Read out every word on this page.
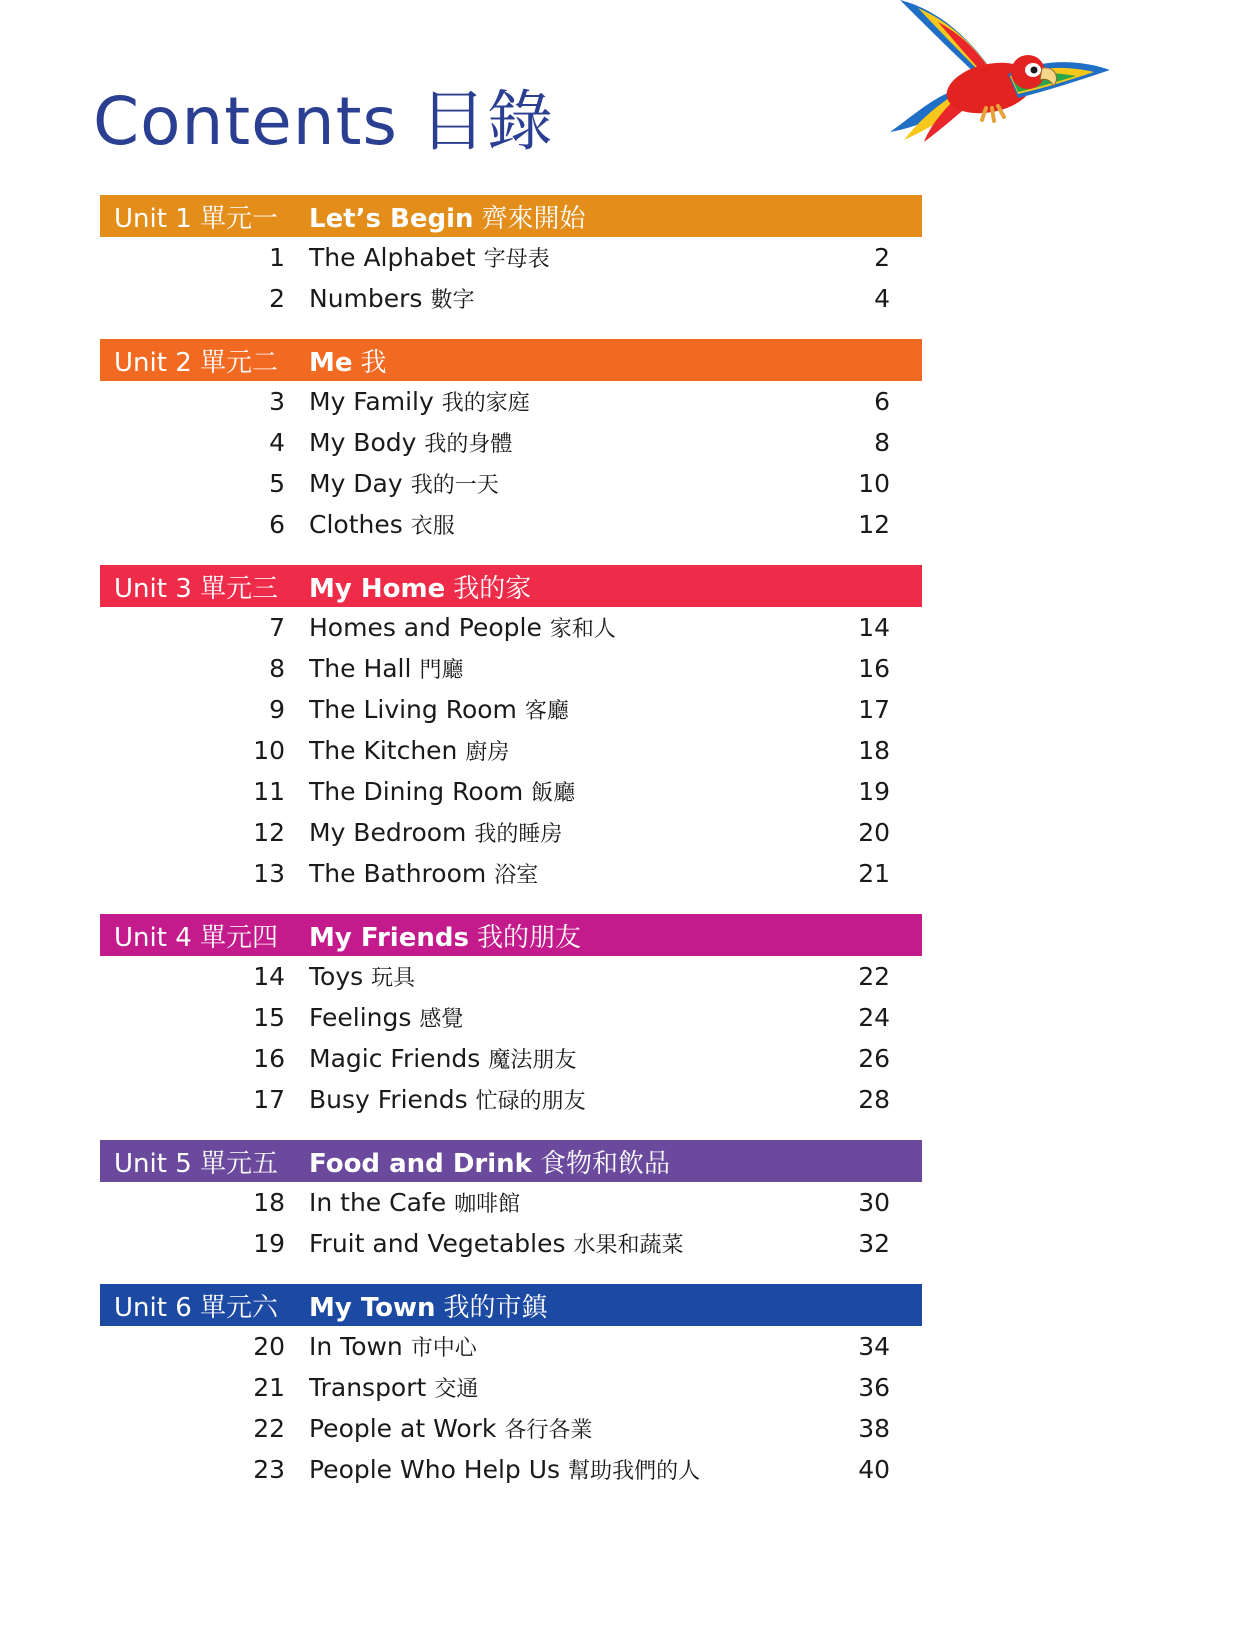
Contents 目錄
Unit 1 單元一	Let’s Begin 齊來開始
1 The Alphabet 字母表	2
2 Numbers 數字	4
Unit 2 單元二	Me 我
3 My Family 我的家庭	6
4 My Body 我的身體	8
5 My Day 我的一天	10
6 Clothes 衣服	12
Unit 3 單元三	My Home 我的家
7 Homes and People 家和人	14
8 The Hall 門廳	16
9 The Living Room 客廳	17
10 The Kitchen 廚房	18
11 The Dining Room 飯廳	19
12 My Bedroom 我的睡房	20
13 The Bathroom 浴室	21
Unit 4 單元四	My Friends 我的朋友
14 Toys 玩具	22
15 Feelings 感覺	24
16 Magic Friends 魔法朋友	26
17 Busy Friends 忙碌的朋友	28
Unit 5 單元五	Food and Drink 食物和飲品
18 In the Cafe 咖啡館	30
19 Fruit and Vegetables 水果和蔬菜	32
Unit 6 單元六	My Town 我的市鎮
20 In Town 市中心	34
21 Transport 交通	36
22 People at Work 各行各業	38
23 People Who Help Us 幫助我們的人	40
